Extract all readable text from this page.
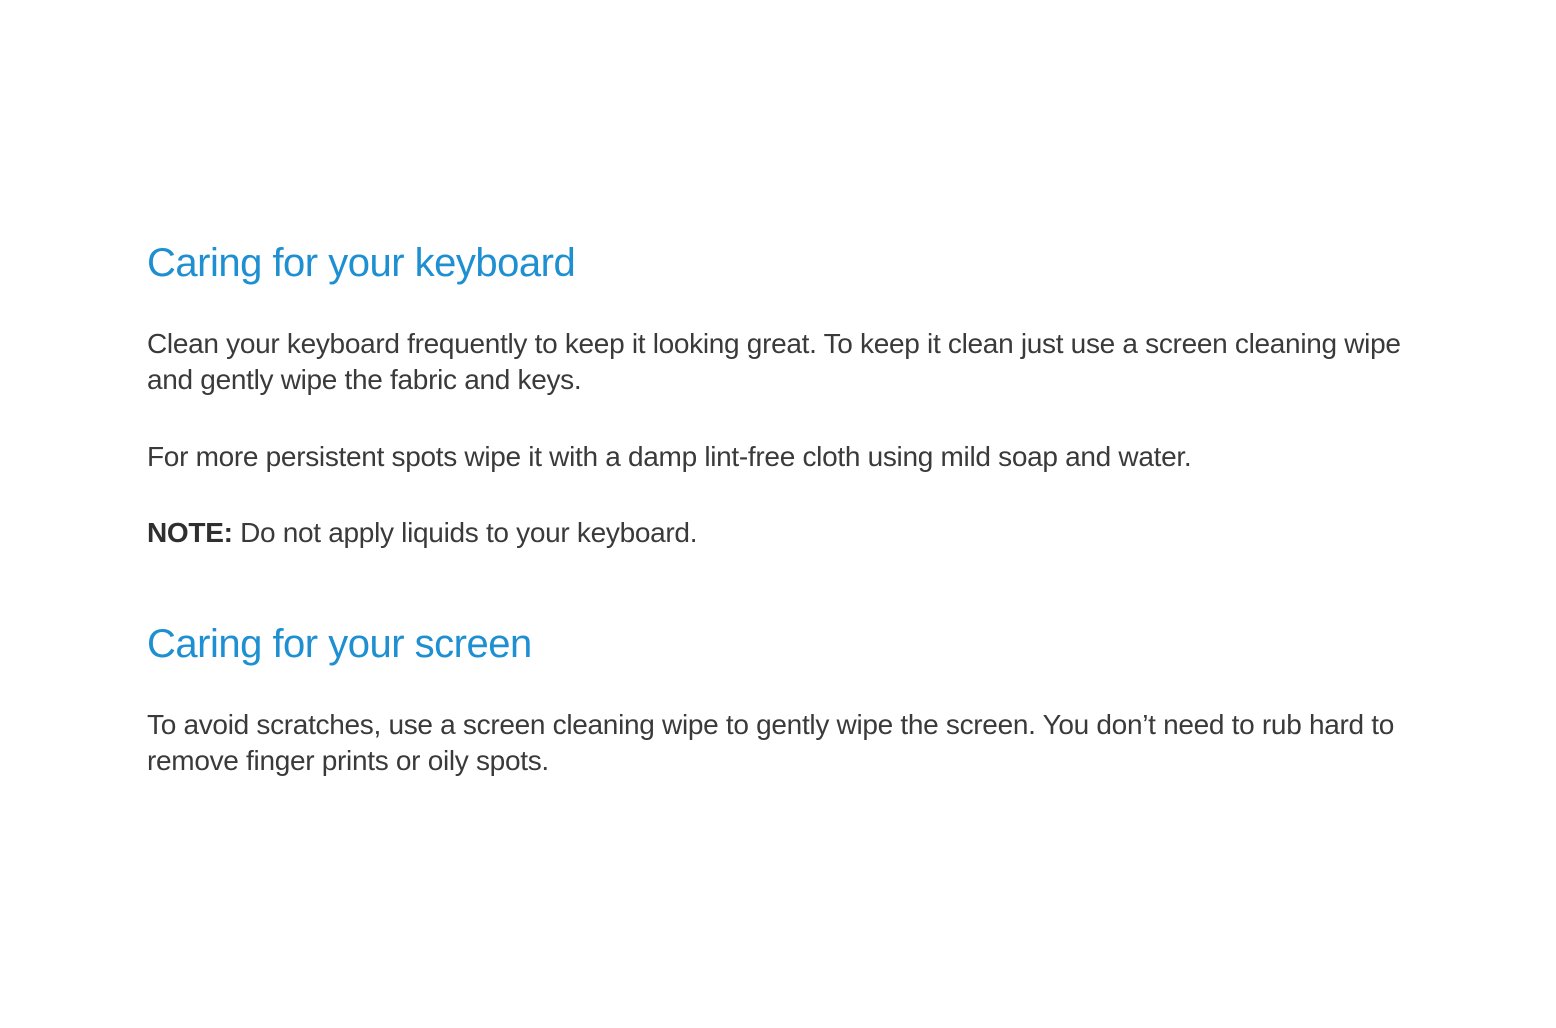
Caring for your keyboard

Clean your keyboard frequently to keep it looking great. To keep it clean just use a screen cleaning wipe and gently wipe the fabric and keys.

For more persistent spots wipe it with a damp lint-free cloth using mild soap and water.

NOTE: Do not apply liquids to your keyboard.

Caring for your screen

To avoid scratches, use a screen cleaning wipe to gently wipe the screen. You don’t need to rub hard to remove finger prints or oily spots.
